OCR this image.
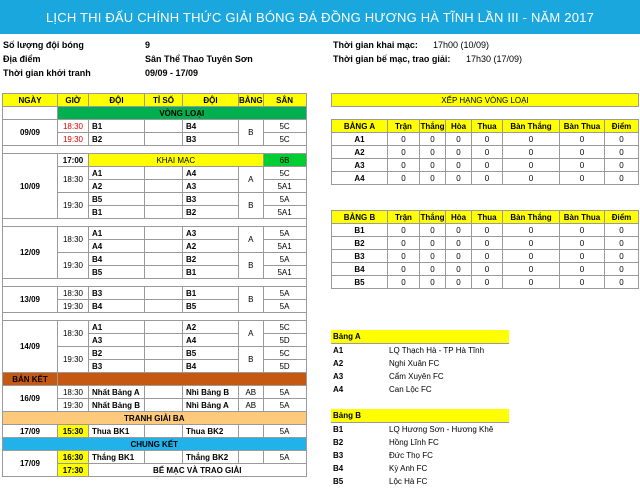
LỊCH THI ĐẤU CHÍNH THỨC GIẢI BÓNG ĐÁ ĐỒNG HƯƠNG HÀ TĨNH LẦN III - NĂM 2017
Số lượng đội bóng	9
Địa điểm	Sân Thể Thao Tuyên Sơn
Thời gian khởi tranh	09/09 - 17/09
Thời gian khai mạc: 17h00 (10/09)
Thời gian bế mạc, trao giải: 17h30 (17/09)
NGÀY	GIỜ	ĐỘI	TỈ SỐ	ĐỘI	BẢNG	SÂN
	VÒNG LOẠI					
09/09	18:30	B1		B4	B	5C
	19:30	B2		B3		5C

10/09	17:00	KHAI MẠC				6B
	18:30	A1		A4	A	5C
		A2		A3		5A1
	19:30	B5		B3	B	5A
		B1		B2		5A1

12/09	18:30	A1		A3	A	5A
		A4		A2		5A1
	19:30	B4		B2	B	5A
		B5		B1		5A1

13/09	18:30	B3		B1	B	5A
	19:30	B4		B5		5A

14/09	18:30	A1		A2	A	5C
		A3		A4		5D
	19:30	B2		B5	B	5C
		B3		B4		5D
BÁN KẾT						
16/09	18:30	Nhất Bảng A		Nhì Bảng B	AB	5A
	19:30	Nhất Bảng B		Nhì Bảng A	AB	5A
TRANH GIẢI BA						
17/09	15:30	Thua BK1		Thua BK2		5A
CHUNG KẾT						
17/09	16:30	Thắng BK1		Thắng BK2		5A
	17:30	BẾ MẠC VÀ TRAO GIẢI				
XẾP HẠNG VÒNG LOẠI
BẢNG A	Trận	Thắng	Hòa	Thua	Bàn Thắng	Bàn Thua	Điểm
A1	0	0	0	0	0	0	0
A2	0	0	0	0	0	0	0
A3	0	0	0	0	0	0	0
A4	0	0	0	0	0	0	0
BẢNG B	Trận	Thắng	Hòa	Thua	Bàn Thắng	Bàn Thua	Điểm
B1	0	0	0	0	0	0	0
B2	0	0	0	0	0	0	0
B3	0	0	0	0	0	0	0
B4	0	0	0	0	0	0	0
B5	0	0	0	0	0	0	0
Bảng A	
A1	LQ Thạch Hà - TP Hà Tĩnh
A2	Nghi Xuân FC
A3	Cẩm Xuyên FC
A4	Can Lộc FC
Bảng B	
B1	LQ Hương Sơn - Hương Khê
B2	Hồng Lĩnh FC
B3	Đức Thọ FC
B4	Kỳ Anh FC
B5	Lộc Hà FC
